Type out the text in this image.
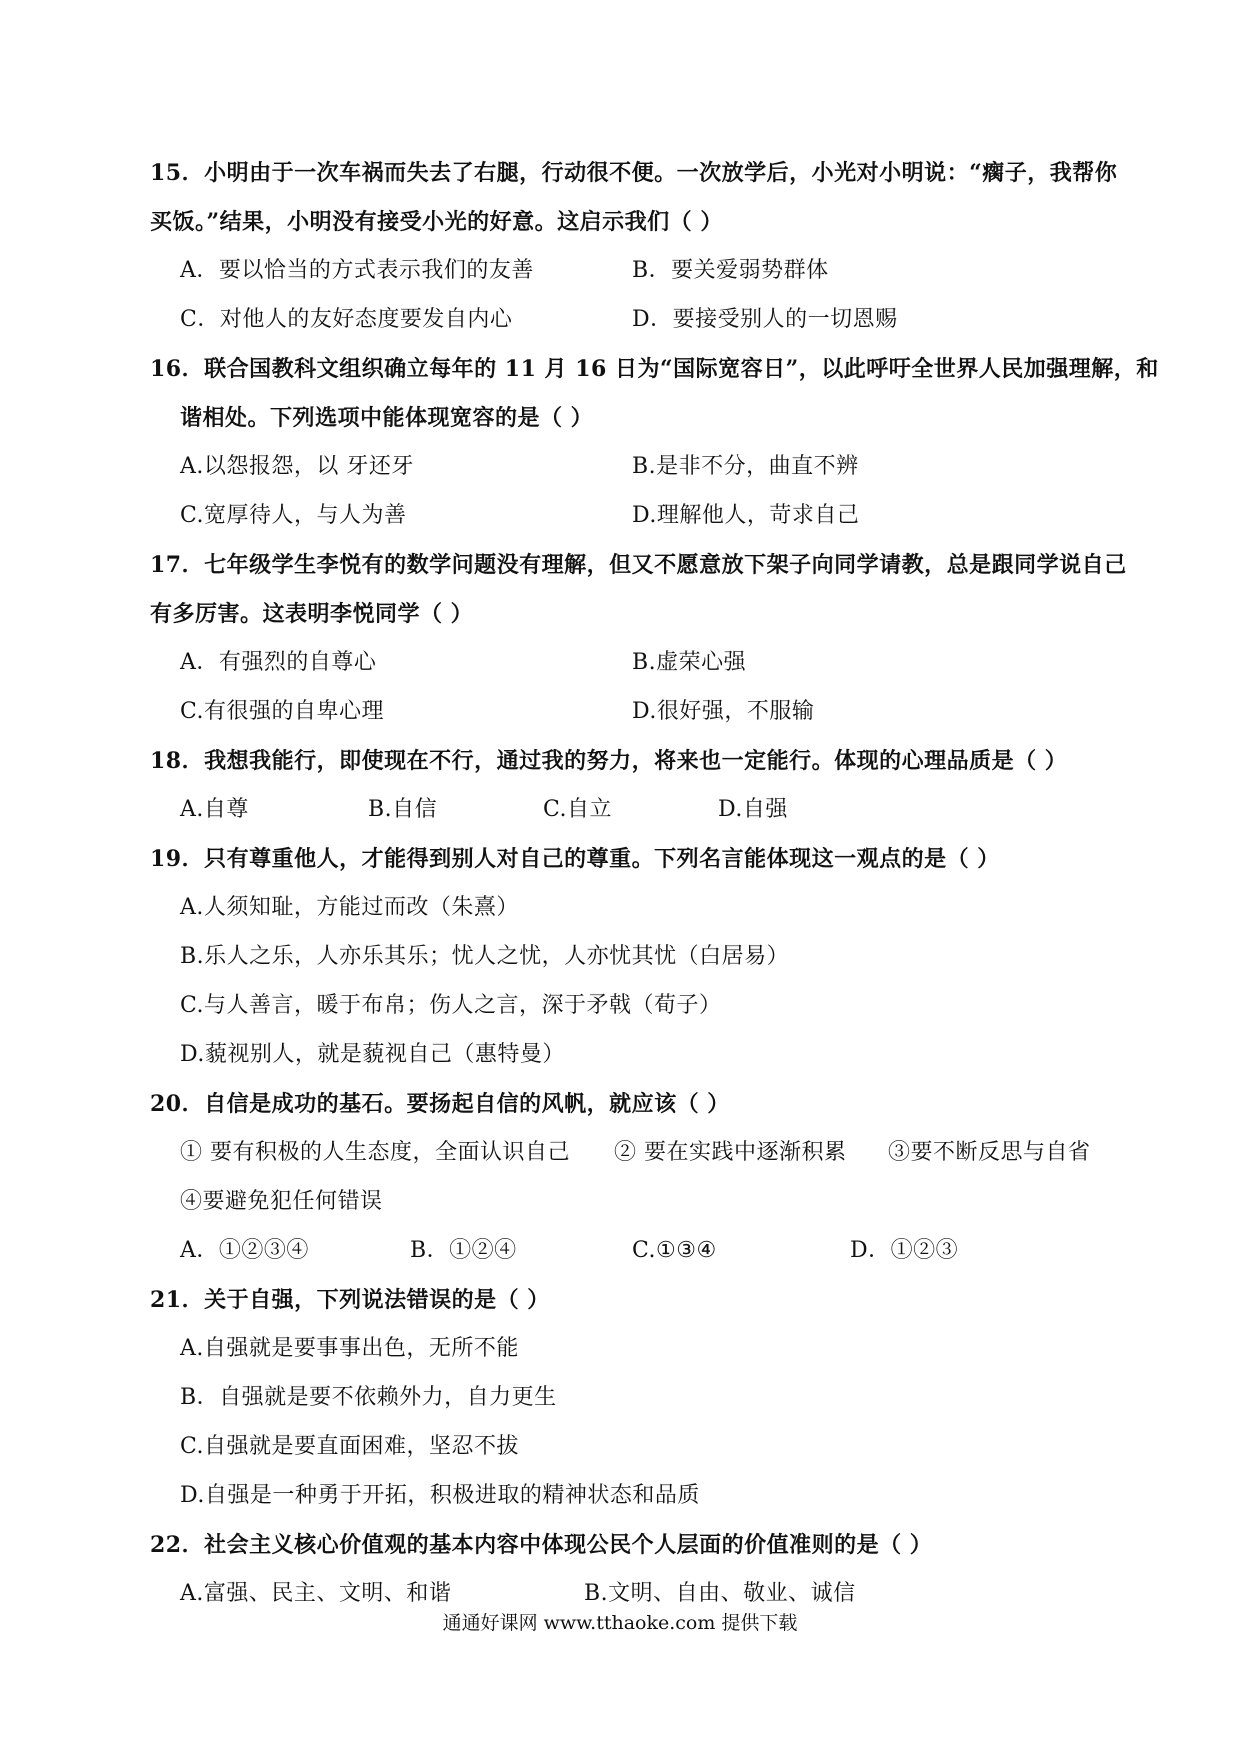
15．小明由于一次车祸而失去了右腿，行动很不便。一次放学后，小光对小明说：“瘸子，我帮你
买饭。”结果，小明没有接受小光的好意。这启示我们（ ）
A．要以恰当的方式表示我们的友善	B．要关爱弱势群体
C．对他人的友好态度要发自内心	D．要接受别人的一切恩赐
16．联合国教科文组织确立每年的 11 月 16 日为“国际宽容日”，以此呼吁全世界人民加强理解，和
谐相处。下列选项中能体现宽容的是（ ）
A.以怨报怨，以 牙还牙	B.是非不分，曲直不辨
C.宽厚待人，与人为善	D.理解他人，苛求自己
17．七年级学生李悦有的数学问题没有理解，但又不愿意放下架子向同学请教，总是跟同学说自己
有多厉害。这表明李悦同学（ ）
A．有强烈的自尊心	B.虚荣心强
C.有很强的自卑心理	D.很好强，不服输
18．我想我能行，即使现在不行，通过我的努力，将来也一定能行。体现的心理品质是（ ）
A.自尊	B.自信	C.自立	D.自强
19．只有尊重他人，才能得到别人对自己的尊重。下列名言能体现这一观点的是（ ）
A.人须知耻，方能过而改（朱熹）
B.乐人之乐，人亦乐其乐；忧人之忧，人亦忧其忧（白居易）
C.与人善言，暖于布帛；伤人之言，深于矛戟（荀子）
D.藐视别人，就是藐视自己（惠特曼）
20．自信是成功的基石。要扬起自信的风帆，就应该（ ）
① 要有积极的人生态度，全面认识自己 ② 要在实践中逐渐积累 ③要不断反思与自省
④要避免犯任何错误
A．①②③④	B．①②④	C.①③④	D．①②③
21．关于自强，下列说法错误的是（ ）
A.自强就是要事事出色，无所不能
B．自强就是要不依赖外力，自力更生
C.自强就是要直面困难，坚忍不拔
D.自强是一种勇于开拓，积极进取的精神状态和品质
22．社会主义核心价值观的基本内容中体现公民个人层面的价值准则的是（ ）
A.富强、民主、文明、和谐	B.文明、自由、敬业、诚信
通通好课网 www.tthaoke.com 提供下载
